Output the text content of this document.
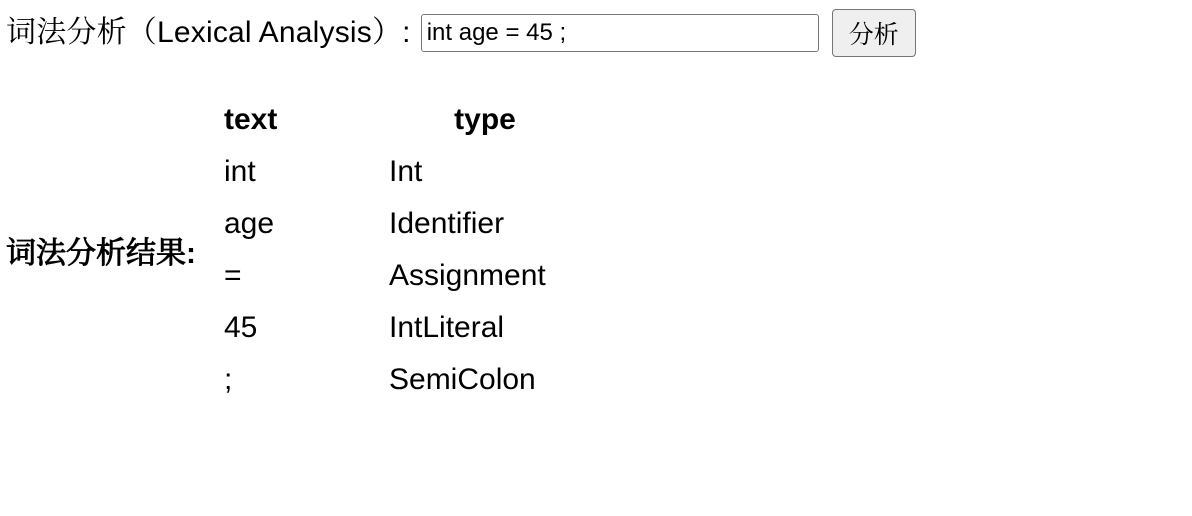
词法分析（Lexical Analysis）:
int age = 45 ;	分析
词法分析结果:
text	type
int	Int
age	Identifier
=	Assignment
45	IntLiteral
;	SemiColon
